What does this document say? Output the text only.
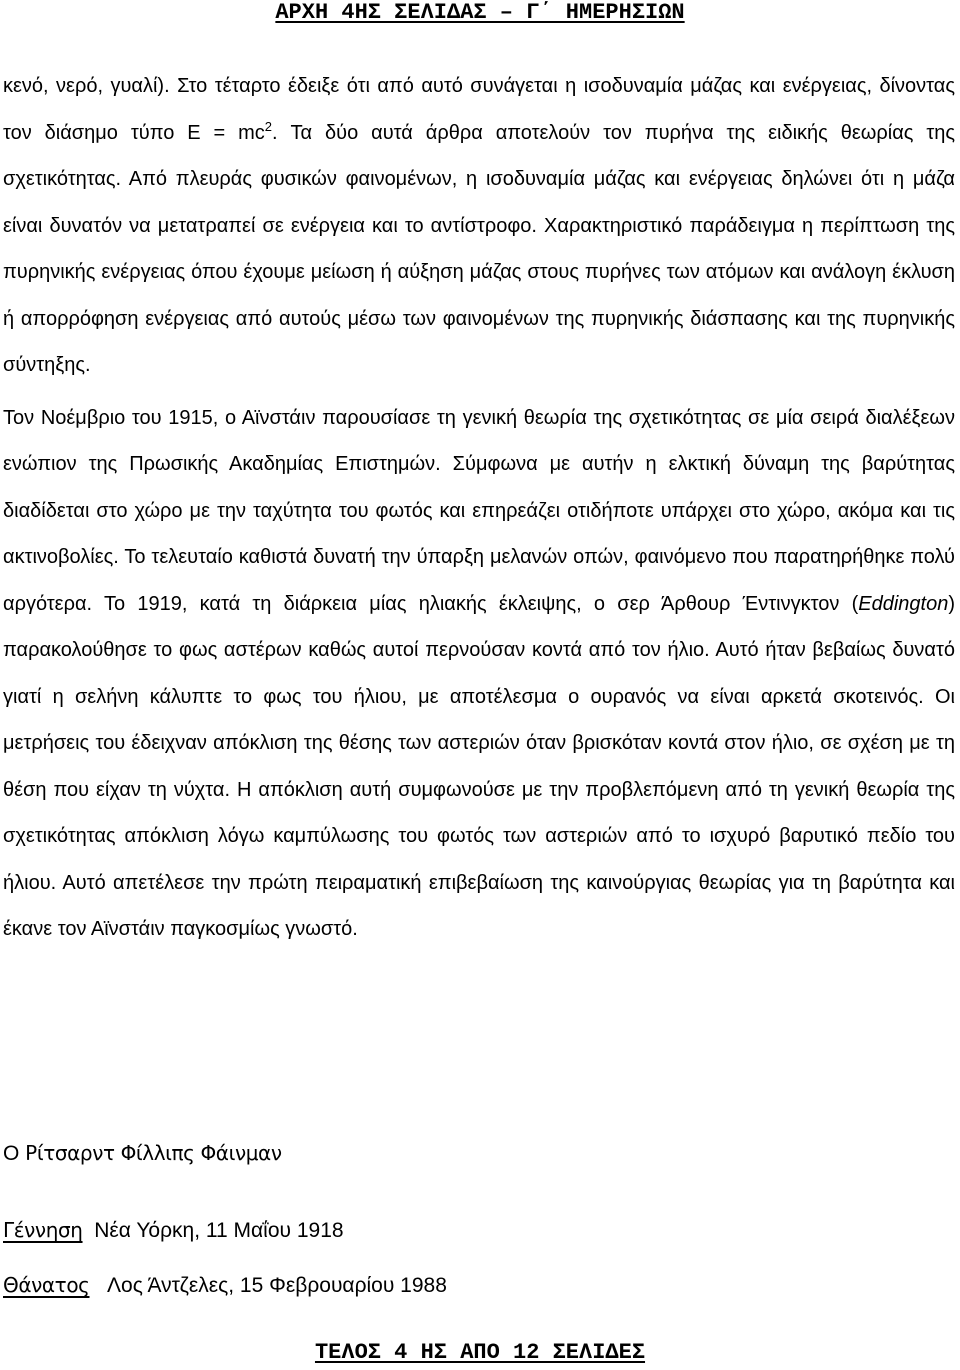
ΑΡΧΗ 4ΗΣ ΣΕΛΙΔΑΣ – Γ΄ ΗΜΕΡΗΣΙΩΝ

κενό, νερό, γυαλί). Στο τέταρτο έδειξε ότι από αυτό συνάγεται η ισοδυναμία μάζας και ενέργειας, δίνοντας τον διάσημο τύπο $E = mc^2$. Τα δύο αυτά άρθρα αποτελούν τον πυρήνα της ειδικής θεωρίας της σχετικότητας. Από πλευράς φυσικών φαινομένων, η ισοδυναμία μάζας και ενέργειας δηλώνει ότι η μάζα είναι δυνατόν να μετατραπεί σε ενέργεια και το αντίστροφο. Χαρακτηριστικό παράδειγμα η περίπτωση της πυρηνικής ενέργειας όπου έχουμε μείωση ή αύξηση μάζας στους πυρήνες των ατόμων και ανάλογη έκλυση ή απορρόφηση ενέργειας από αυτούς μέσω των φαινομένων της πυρηνικής διάσπασης και της πυρηνικής σύντηξης.

Τον Νοέμβριο του 1915, ο Αϊνστάιν παρουσίασε τη γενική θεωρία της σχετικότητας σε μία σειρά διαλέξεων ενώπιον της Πρωσικής Ακαδημίας Επιστημών. Σύμφωνα με αυτήν η ελκτική δύναμη της βαρύτητας διαδίδεται στο χώρο με την ταχύτητα του φωτός και επηρεάζει οτιδήποτε υπάρχει στο χώρο, ακόμα και τις ακτινοβολίες. Το τελευταίο καθιστά δυνατή την ύπαρξη μελανών οπών, φαινόμενο που παρατηρήθηκε πολύ αργότερα. Το 1919, κατά τη διάρκεια μίας ηλιακής έκλειψης, ο σερ Άρθουρ Έντινγκτον (Eddington) παρακολούθησε το φως αστέρων καθώς αυτοί περνούσαν κοντά από τον ήλιο. Αυτό ήταν βεβαίως δυνατό γιατί η σελήνη κάλυπτε το φως του ήλιου, με αποτέλεσμα ο ουρανός να είναι αρκετά σκοτεινός. Οι μετρήσεις του έδειχναν απόκλιση της θέσης των αστεριών όταν βρισκόταν κοντά στον ήλιο, σε σχέση με τη θέση που είχαν τη νύχτα. Η απόκλιση αυτή συμφωνούσε με την προβλεπόμενη από τη γενική θεωρία της σχετικότητας απόκλιση λόγω καμπύλωσης του φωτός των αστεριών από το ισχυρό βαρυτικό πεδίο του ήλιου. Αυτό απετέλεσε την πρώτη πειραματική επιβεβαίωση της καινούργιας θεωρίας για τη βαρύτητα και έκανε τον Αϊνστάιν παγκοσμίως γνωστό.

Ο Ρίτσαρντ Φίλλιπς Φάινμαν
Γέννηση Νέα Υόρκη, 11 Μαΐου 1918
Θάνατος Λος Άντζελες, 15 Φεβρουαρίου 1988
ΤΕΛΟΣ 4 ΗΣ ΑΠΟ 12 ΣΕΛΙΔΕΣ
